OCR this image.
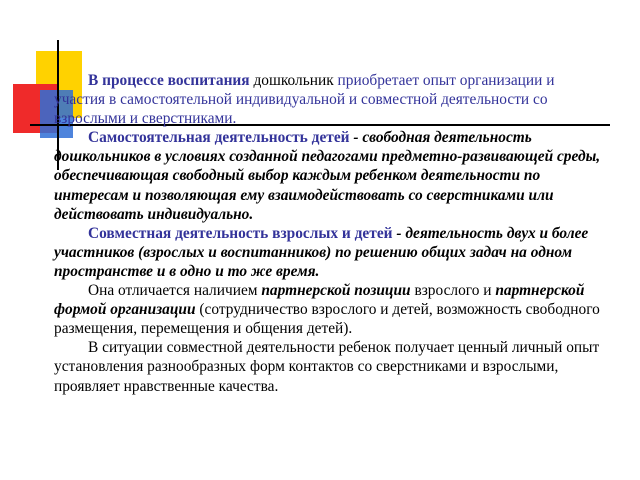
В процессе воспитания дошкольник приобретает опыт организации и участия в самостоятельной индивидуальной и совместной деятельности со взрослыми и сверстниками.

Самостоятельная деятельность детей - свободная деятельность дошкольников в условиях созданной педагогами предметно-развивающей среды, обеспечивающая свободный выбор каждым ребенком деятельности по интересам и позволяющая ему взаимодействовать со сверстниками или действовать индивидуально.

Совместная деятельность взрослых и детей - деятельность двух и более участников (взрослых и воспитанников) по решению общих задач на одном пространстве и в одно и то же время.

Она отличается наличием партнерской позиции взрослого и партнерской формой организации (сотрудничество взрослого и детей, возможность свободного размещения, перемещения и общения детей).

В ситуации совместной деятельности ребенок получает ценный личный опыт установления разнообразных форм контактов со сверстниками и взрослыми, проявляет нравственные качества.
